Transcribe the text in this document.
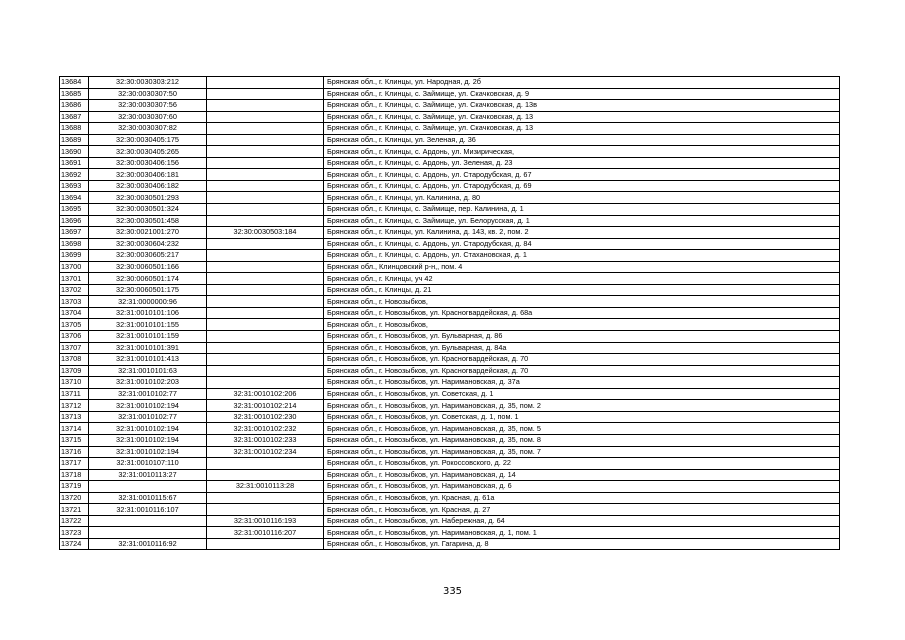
13684	32:30:0030303:212		Брянская обл., г. Клинцы, ул. Народная, д. 2б
13685	32:30:0030307:50		Брянская обл., г. Клинцы, с. Займище, ул. Скачковская, д. 9
13686	32:30:0030307:56		Брянская обл., г. Клинцы, с. Займище, ул. Скачковская, д. 13в
13687	32:30:0030307:60		Брянская обл., г. Клинцы, с. Займище, ул. Скачковская, д. 13
13688	32:30:0030307:82		Брянская обл., г. Клинцы, с. Займище, ул. Скачковская, д. 13
13689	32:30:0030405:175		Брянская обл., г. Клинцы, ул. Зеленая, д. 36
13690	32:30:0030405:265		Брянская обл., г. Клинцы, с. Ардонь, ул. Мизирическая,
13691	32:30:0030406:156		Брянская обл., г. Клинцы, с. Ардонь, ул. Зеленая, д. 23
13692	32:30:0030406:181		Брянская обл., г. Клинцы, с. Ардонь, ул. Стародубская, д. 67
13693	32:30:0030406:182		Брянская обл., г. Клинцы, с. Ардонь, ул. Стародубская, д. 69
13694	32:30:0030501:293		Брянская обл., г. Клинцы, ул. Калинина, д. 80
13695	32:30:0030501:324		Брянская обл., г. Клинцы, с. Займище, пер. Калинина, д. 1
13696	32:30:0030501:458		Брянская обл., г. Клинцы, с. Займище, ул. Белорусская, д. 1
13697	32:30:0021001:270	32:30:0030503:184	Брянская обл., г. Клинцы, ул. Калинина, д. 143, кв. 2, пом. 2
13698	32:30:0030604:232		Брянская обл., г. Клинцы, с. Ардонь, ул. Стародубская, д. 84
13699	32:30:0030605:217		Брянская обл., г. Клинцы, с. Ардонь, ул. Стахановская, д. 1
13700	32:30:0060501:166		Брянская обл., Клинцовский р-н,, пом. 4
13701	32:30:0060501:174		Брянская обл., г. Клинцы, уч 42
13702	32:30:0060501:175		Брянская обл., г. Клинцы, д. 21
13703	32:31:0000000:96		Брянская обл., г. Новозыбков,
13704	32:31:0010101:106		Брянская обл., г. Новозыбков, ул. Красногвардейская, д. 68а
13705	32:31:0010101:155		Брянская обл., г. Новозыбков,
13706	32:31:0010101:159		Брянская обл., г. Новозыбков, ул. Бульварная, д. 86
13707	32:31:0010101:391		Брянская обл., г. Новозыбков, ул. Бульварная, д. 84а
13708	32:31:0010101:413		Брянская обл., г. Новозыбков, ул. Красногвардейская, д. 70
13709	32:31:0010101:63		Брянская обл., г. Новозыбков, ул. Красногвардейская, д. 70
13710	32:31:0010102:203		Брянская обл., г. Новозыбков, ул. Наримановская, д. 37а
13711	32:31:0010102:77	32:31:0010102:206	Брянская обл., г. Новозыбков, ул. Советская, д. 1
13712	32:31:0010102:194	32:31:0010102:214	Брянская обл., г. Новозыбков, ул. Наримановская, д. 35, пом. 2
13713	32:31:0010102:77	32:31:0010102:230	Брянская обл., г. Новозыбков, ул. Советская, д. 1, пом. 1
13714	32:31:0010102:194	32:31:0010102:232	Брянская обл., г. Новозыбков, ул. Наримановская, д. 35, пом. 5
13715	32:31:0010102:194	32:31:0010102:233	Брянская обл., г. Новозыбков, ул. Наримановская, д. 35, пом. 8
13716	32:31:0010102:194	32:31:0010102:234	Брянская обл., г. Новозыбков, ул. Наримановская, д. 35, пом. 7
13717	32:31:0010107:110		Брянская обл., г. Новозыбков, ул. Рокоссовского, д. 22
13718	32:31:0010113:27		Брянская обл., г. Новозыбков, ул. Наримановская, д. 14
13719		32:31:0010113:28	Брянская обл., г. Новозыбков, ул. Наримановская, д. 6
13720	32:31:0010115:67		Брянская обл., г. Новозыбков, ул. Красная, д. 61а
13721	32:31:0010116:107		Брянская обл., г. Новозыбков, ул. Красная, д. 27
13722		32:31:0010116:193	Брянская обл., г. Новозыбков, ул. Набережная, д. 64
13723		32:31:0010116:207	Брянская обл., г. Новозыбков, ул. Наримановская, д. 1, пом. 1
13724	32:31:0010116:92		Брянская обл., г. Новозыбков, ул. Гагарина, д. 8
335
